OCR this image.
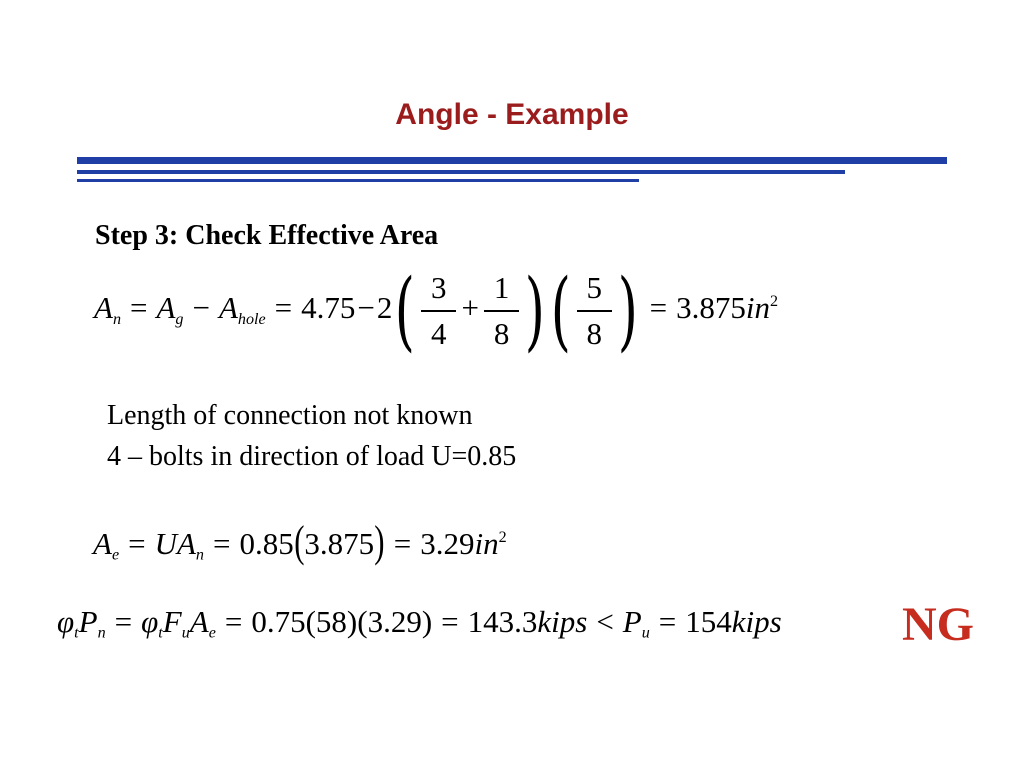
Angle - Example
Step 3: Check Effective Area
$A_n = A_g - A_{hole} = 4.75-2( \frac{3}{4} + \frac{1}{8}$ )( $\frac{5}{8}$ ) = $3.875in^2$
Length of connection not known
4 – bolts in direction of load U=0.85
$A_e = UA_n = 0.85(3.875) = 3.29in^2$
$\varphi_tP_n = \varphi_tF_uA_e = 0.75(58)(3.29)$ = 143.3kips < $P_u$ = 154kips	NG
